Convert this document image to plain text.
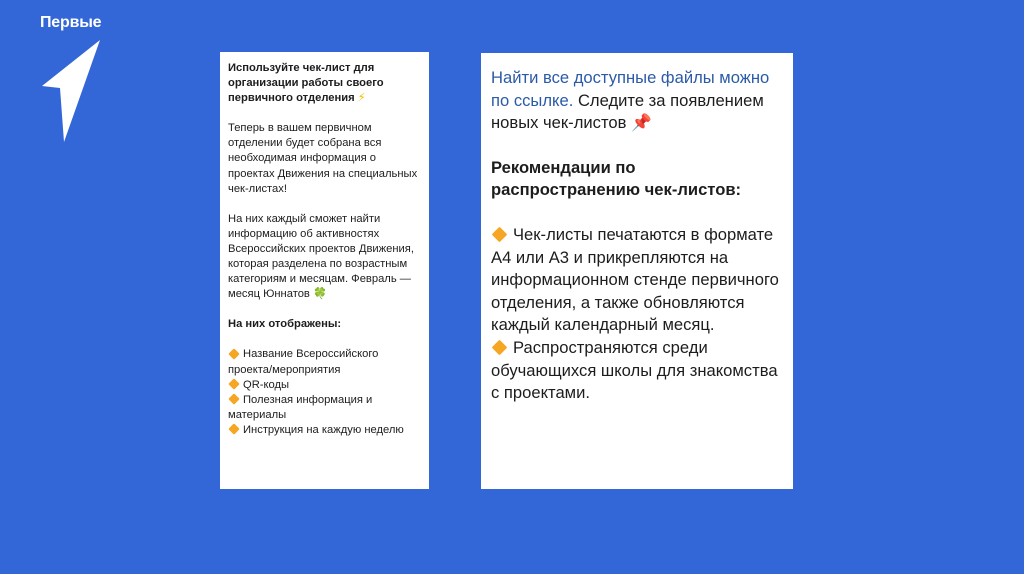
Первые

Используйте чек-лист для организации работы своего первичного отделения ⚡

Теперь в вашем первичном отделении будет собрана вся необходимая информация о проектах Движения на специальных чек-листах!

На них каждый сможет найти информацию об активностях Всероссийских проектов Движения, которая разделена по возрастным категориям и месяцам. Февраль — месяц Юннатов 🍀

На них отображены:

Название Всероссийского проекта/мероприятия

QR-коды

Полезная информация и материалы

Инструкция на каждую неделю

Найти все доступные файлы можно по ссылке. Следите за появлением новых чек-листов 📌

Рекомендации по распространению чек-листов:

Чек-листы печатаются в формате А4 или А3 и прикрепляются на информационном стенде первичного отделения, а также обновляются каждый календарный месяц.

Распространяются среди обучающихся школы для знакомства с проектами.
